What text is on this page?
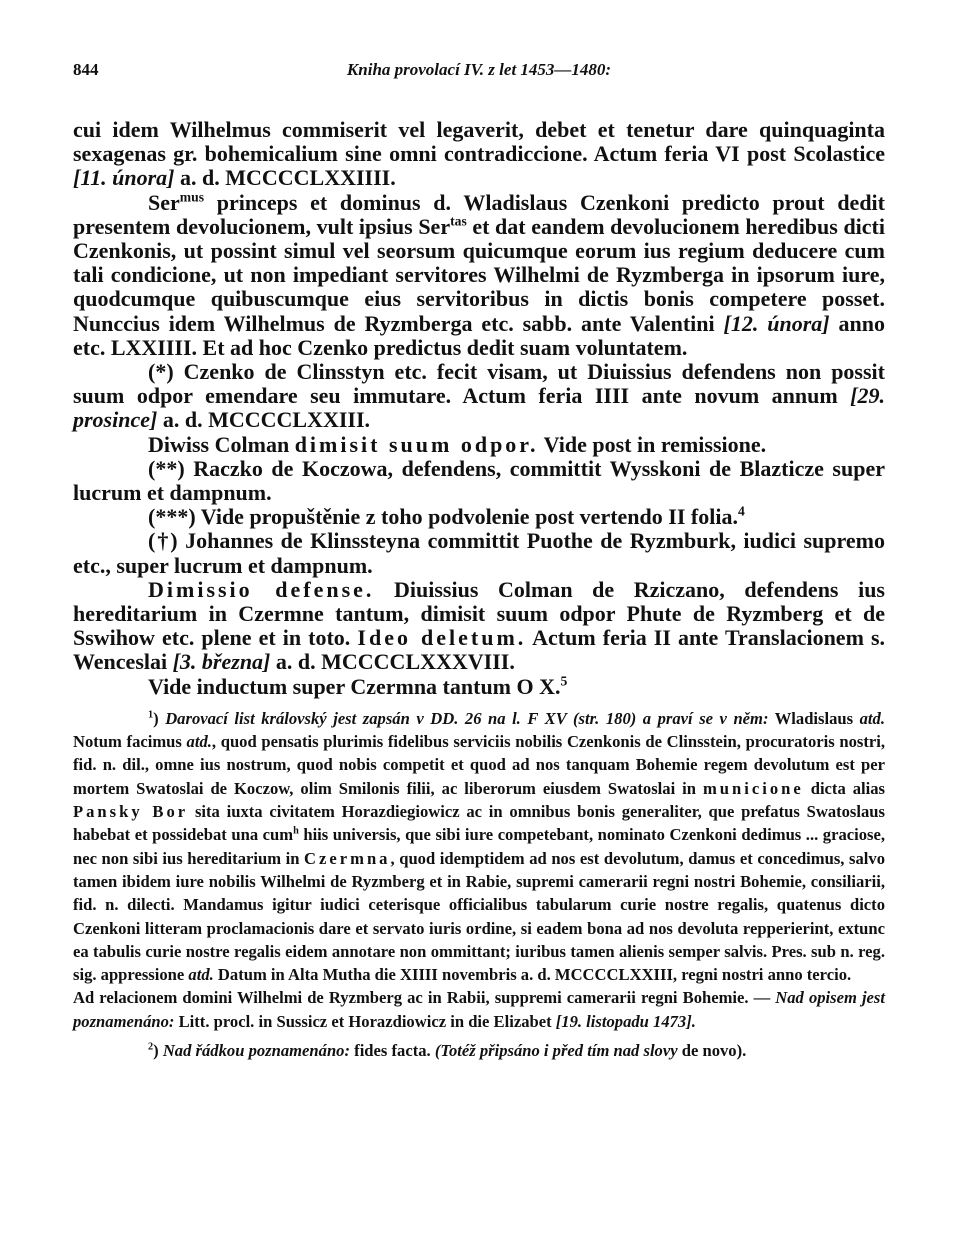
844	Kniha provolací IV. z let 1453—1480:

cui idem Wilhelmus commiserit vel legaverit, debet et tenetur dare quinquaginta sexagenas gr. bohemicalium sine omni contradiccione. Actum feria VI post Scolastice [11. února] a. d. MCCCCLXXIIII.

Ser$^{mus}$ princeps et dominus d. Wladislaus Czenkoni predicto prout dedit presentem devolucionem, vult ipsius Ser$^{tas}$ et dat eandem devolucionem heredibus dicti Czenkonis, ut possint simul vel seorsum quicumque eorum ius regium deducere cum tali condicione, ut non impediant servitores Wilhelmi de Ryzmberga in ipsorum iure, quodcumque quibuscumque eius servitoribus in dictis bonis competere posset. Nunccius idem Wilhelmus de Ryzmberga etc. sabb. ante Valentini [12. února] anno etc. LXXIIII. Et ad hoc Czenko predictus dedit suam voluntatem.

(*) Czenko de Clinsstyn etc. fecit visam, ut Diuissius defendens non possit suum odpor emendare seu immutare. Actum feria IIII ante novum annum [29. prosince] a. d. MCCCCLXXIII.

Diwiss Colman dimisit suum odpor. Vide post in remissione.

(**) Raczko de Koczowa, defendens, committit Wysskoni de Blazticze super lucrum et dampnum.

(***) Vide propuštěnie z toho podvolenie post vertendo II folia.$^4$

(†) Johannes de Klinssteyna committit Puothe de Ryzmburk, iudici supremo etc., super lucrum et dampnum.

Dimissio defense. Diuissius Colman de Rziczano, defendens ius hereditarium in Czermne tantum, dimisit suum odpor Phute de Ryzmberg et de Sswihow etc. plene et in toto. Ideo deletum. Actum feria II ante Translacionem s. Wenceslai [3. března] a. d. MCCCCLXXXVIII.

Vide inductum super Czermna tantum O X.$^5$

$^1$) Darovací list královský jest zapsán v DD. 26 na l. F XV (str. 180) a praví se v něm: Wladislaus atd. Notum facimus atd., quod pensatis plurimis fidelibus serviciis nobilis Czenkonis de Clinsstein, procuratoris nostri, fid. n. dil., omne ius nostrum, quod nobis competit et quod ad nos tanquam Bohemie regem devolutum est per mortem Swatoslai de Koczow, olim Smilonis filii, ac liberorum eiusdem Swatoslai in municione dicta alias Pansky Bor sita iuxta civitatem Horazdiegiowicz ac in omnibus bonis generaliter, que prefatus Swatoslaus habebat et possidebat una cum$^h$ hiis universis, que sibi iure competebant, nominato Czenkoni dedimus ... graciose, nec non sibi ius hereditarium in Czermna, quod idemptidem ad nos est devolutum, damus et concedimus, salvo tamen ibidem iure nobilis Wilhelmi de Ryzmberg et in Rabie, supremi camerarii regni nostri Bohemie, consiliarii, fid. n. dilecti. Mandamus igitur iudici ceterisque officialibus tabularum curie nostre regalis, quatenus dicto Czenkoni litteram proclamacionis dare et servato iuris ordine, si eadem bona ad nos devoluta repperierint, extunc ea tabulis curie nostre regalis eidem annotare non ommittant; iuribus tamen alienis semper salvis. Pres. sub n. reg. sig. appressione atd. Datum in Alta Mutha die XIIII novembris a. d. MCCCCLXXIII, regni nostri anno tercio.

Ad relacionem domini Wilhelmi de Ryzmberg ac in Rabii, suppremi camerarii regni Bohemie. — Nad opisem jest poznamenáno: Litt. procl. in Sussicz et Horazdiowicz in die Elizabet [19. listopadu 1473].

$^2$) Nad řádkou poznamenáno: fides facta. (Totéž připsáno i před tím nad slovy de novo).
